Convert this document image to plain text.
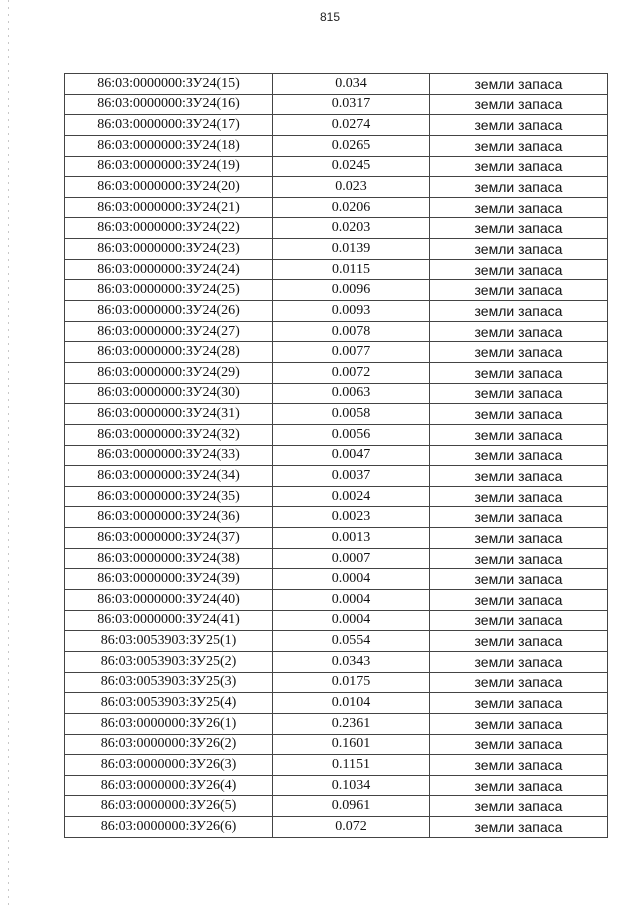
815
86:03:0000000:ЗУ24(15)	0.034	земли запаса
86:03:0000000:ЗУ24(16)	0.0317	земли запаса
86:03:0000000:ЗУ24(17)	0.0274	земли запаса
86:03:0000000:ЗУ24(18)	0.0265	земли запаса
86:03:0000000:ЗУ24(19)	0.0245	земли запаса
86:03:0000000:ЗУ24(20)	0.023	земли запаса
86:03:0000000:ЗУ24(21)	0.0206	земли запаса
86:03:0000000:ЗУ24(22)	0.0203	земли запаса
86:03:0000000:ЗУ24(23)	0.0139	земли запаса
86:03:0000000:ЗУ24(24)	0.0115	земли запаса
86:03:0000000:ЗУ24(25)	0.0096	земли запаса
86:03:0000000:ЗУ24(26)	0.0093	земли запаса
86:03:0000000:ЗУ24(27)	0.0078	земли запаса
86:03:0000000:ЗУ24(28)	0.0077	земли запаса
86:03:0000000:ЗУ24(29)	0.0072	земли запаса
86:03:0000000:ЗУ24(30)	0.0063	земли запаса
86:03:0000000:ЗУ24(31)	0.0058	земли запаса
86:03:0000000:ЗУ24(32)	0.0056	земли запаса
86:03:0000000:ЗУ24(33)	0.0047	земли запаса
86:03:0000000:ЗУ24(34)	0.0037	земли запаса
86:03:0000000:ЗУ24(35)	0.0024	земли запаса
86:03:0000000:ЗУ24(36)	0.0023	земли запаса
86:03:0000000:ЗУ24(37)	0.0013	земли запаса
86:03:0000000:ЗУ24(38)	0.0007	земли запаса
86:03:0000000:ЗУ24(39)	0.0004	земли запаса
86:03:0000000:ЗУ24(40)	0.0004	земли запаса
86:03:0000000:ЗУ24(41)	0.0004	земли запаса
86:03:0053903:ЗУ25(1)	0.0554	земли запаса
86:03:0053903:ЗУ25(2)	0.0343	земли запаса
86:03:0053903:ЗУ25(3)	0.0175	земли запаса
86:03:0053903:ЗУ25(4)	0.0104	земли запаса
86:03:0000000:ЗУ26(1)	0.2361	земли запаса
86:03:0000000:ЗУ26(2)	0.1601	земли запаса
86:03:0000000:ЗУ26(3)	0.1151	земли запаса
86:03:0000000:ЗУ26(4)	0.1034	земли запаса
86:03:0000000:ЗУ26(5)	0.0961	земли запаса
86:03:0000000:ЗУ26(6)	0.072	земли запаса
